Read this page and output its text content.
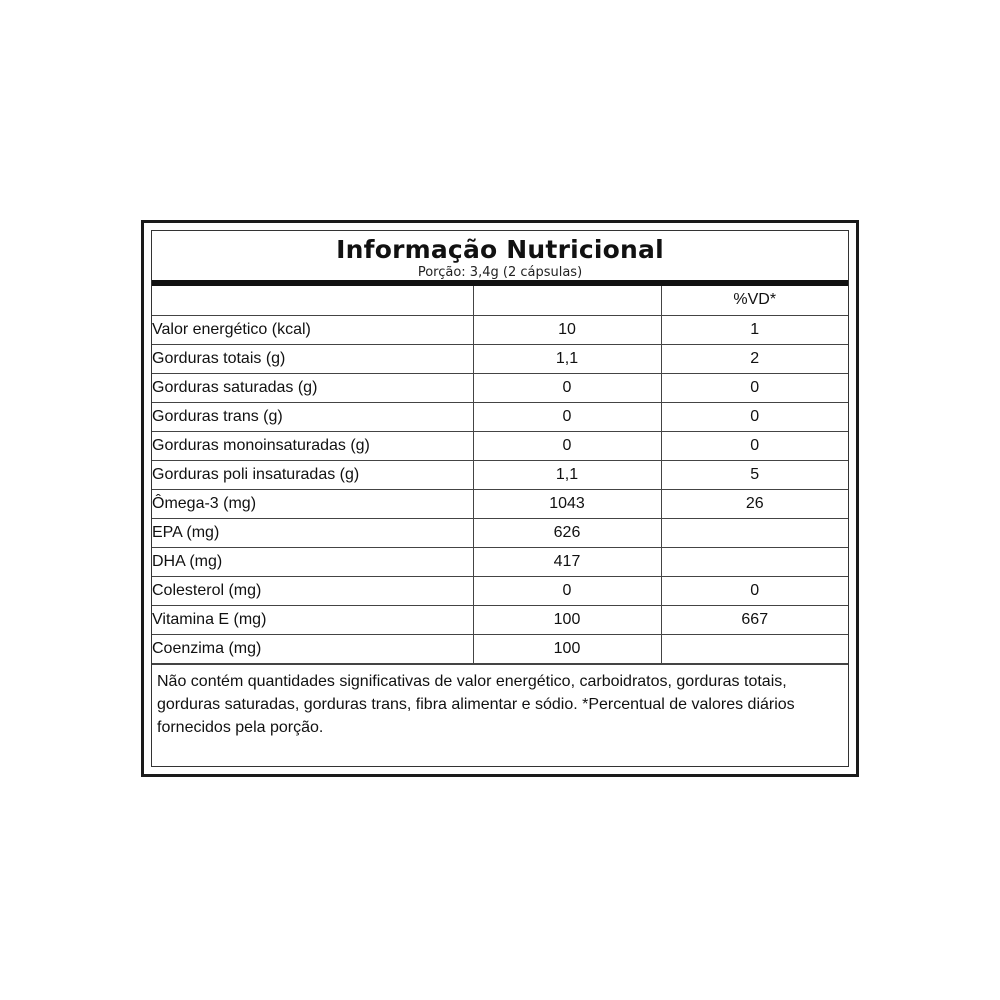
Informação Nutricional
Porção: 3,4g (2 cápsulas)
		%VD*
Valor energético (kcal)	10	1
Gorduras totais (g)	1,1	2
Gorduras saturadas (g)	0	0
Gorduras trans (g)	0	0
Gorduras monoinsaturadas (g)	0	0
Gorduras poli insaturadas (g)	1,1	5
Ômega-3 (mg)	1043	26
EPA (mg)	626	
DHA (mg)	417	
Colesterol (mg)	0	0
Vitamina E (mg)	100	667
Coenzima (mg)	100	
Não contém quantidades significativas de valor energético, carboidratos, gorduras totais, gorduras saturadas, gorduras trans, fibra alimentar e sódio. *Percentual de valores diários fornecidos pela porção.
